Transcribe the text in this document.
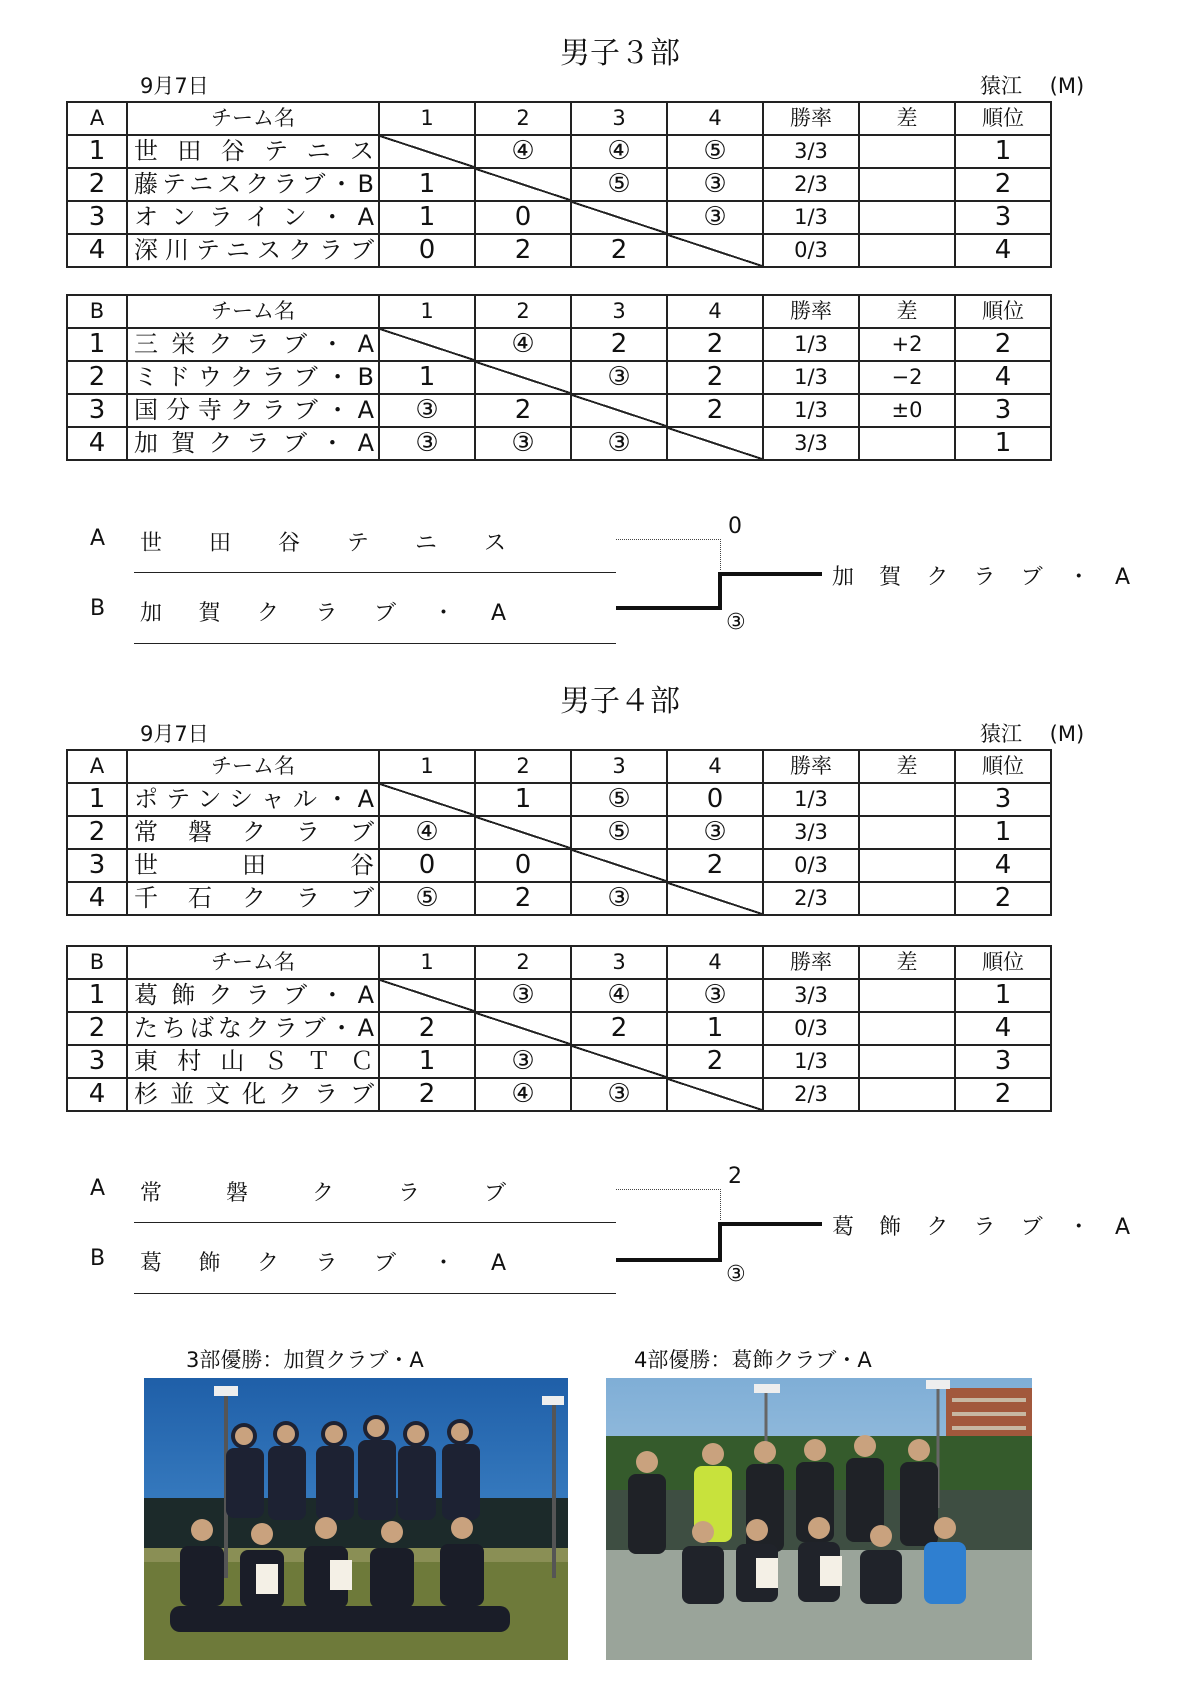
男子３部
9月7日	猿江　 (M)
A	チーム名	1	2	3	4	勝率	差	順位
1	世田谷テニス		④	④	⑤	3/3		1
2	藤テニスクラブ・B	1		⑤	③	2/3		2
3	オンライン・A	1	0		③	1/3		3
4	深川テニスクラブ	0	2	2		0/3		4
B	チーム名	1	2	3	4	勝率	差	順位
1	三栄クラブ・A		④	2	2	1/3	+2	2
2	ミドウクラブ・B	1		③	2	1/3	−2	4
3	国分寺クラブ・A	③	2		2	1/3	±0	3
4	加賀クラブ・A	③	③	③		3/3		1
A 世田谷テニス
B 加賀クラブ・A
0
③
加賀クラブ・A
男子４部
9月7日	猿江　 (M)
A	チーム名	1	2	3	4	勝率	差	順位
1	ポテンシャル・A		1	⑤	0	1/3		3
2	常磐クラブ	④		⑤	③	3/3		1
3	世田谷	0	0		2	0/3		4
4	千石クラブ	⑤	2	③		2/3		2
B	チーム名	1	2	3	4	勝率	差	順位
1	葛飾クラブ・A		③	④	③	3/3		1
2	たちばなクラブ・A	2		2	1	0/3		4
3	東村山ＳＴＣ	1	③		2	1/3		3
4	杉並文化クラブ	2	④	③		2/3		2
A 常磐クラブ
B 葛飾クラブ・A
2
③
葛飾クラブ・A
3部優勝：加賀クラブ・A	4部優勝：葛飾クラブ・A
